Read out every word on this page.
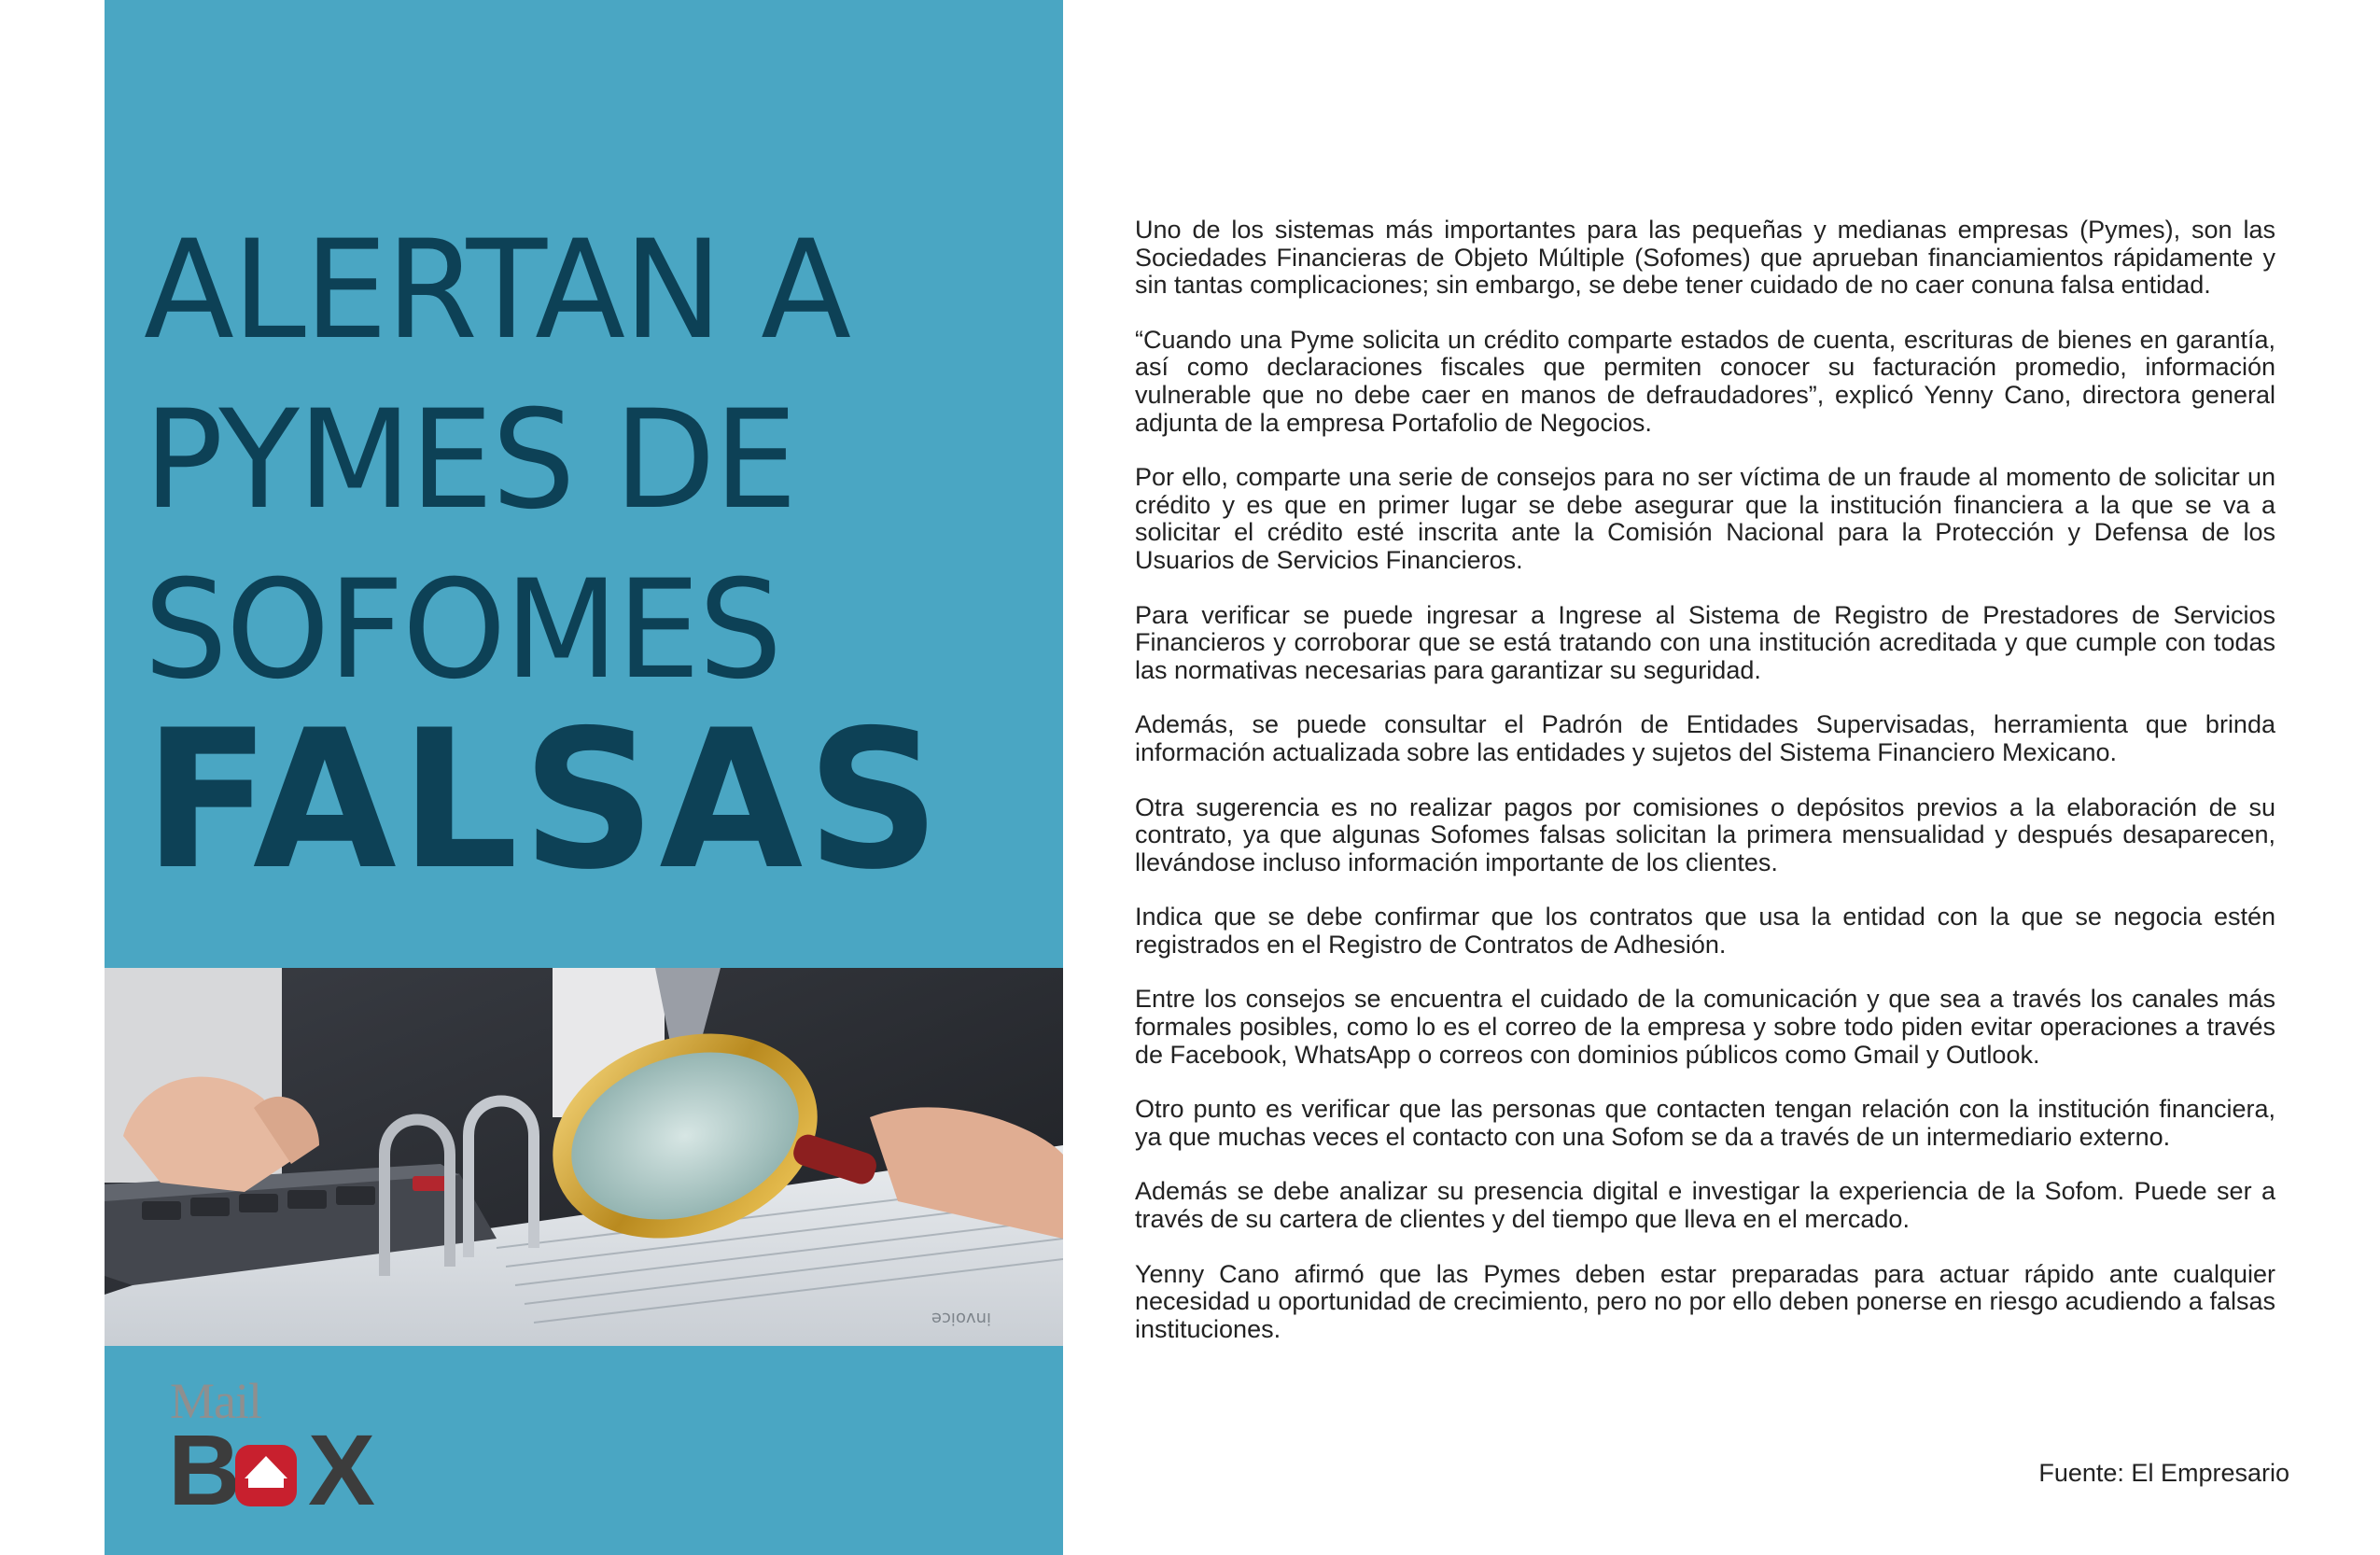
ALERTAN A
PYMES DE
SOFOMES
FALSAS
invoice
Mail
B X

Uno de los sistemas más importantes para las pequeñas y medianas empresas (Pymes), son las Sociedades Financieras de Objeto Múltiple (Sofomes) que aprueban financiamientos rápidamente y sin tantas complicaciones; sin embargo, se debe tener cuidado de no caer conuna falsa entidad.

“Cuando una Pyme solicita un crédito comparte estados de cuenta, escrituras de bienes en garantía, así como declaraciones fiscales que permiten conocer su facturación promedio, información vulnerable que no debe caer en manos de defraudadores”, explicó Yenny Cano, directora general adjunta de la empresa Portafolio de Negocios.

Por ello, comparte una serie de consejos para no ser víctima de un fraude al momento de solicitar un crédito y es que en primer lugar se debe asegurar que la institución financiera a la que se va a solicitar el crédito esté inscrita ante la Comisión Nacional para la Protección y Defensa de los Usuarios de Servicios Financieros.

Para verificar se puede ingresar a Ingrese al Sistema de Registro de Prestadores de Servicios Financieros y corroborar que se está tratando con una institución acreditada y que cumple con todas las normativas necesarias para garantizar su seguridad.

Además, se puede consultar el Padrón de Entidades Supervisadas, herramienta que brinda información actualizada sobre las entidades y sujetos del Sistema Financiero Mexicano.

Otra sugerencia es no realizar pagos por comisiones o depósitos previos a la elaboración de su contrato, ya que algunas Sofomes falsas solicitan la primera mensualidad y después desaparecen, llevándose incluso información importante de los clientes.

Indica que se debe confirmar que los contratos que usa la entidad con la que se negocia estén registrados en el Registro de Contratos de Adhesión.

Entre los consejos se encuentra el cuidado de la comunicación y que sea a través los canales más formales posibles, como lo es el correo de la empresa y sobre todo piden evitar operaciones a través de Facebook, WhatsApp o correos con dominios públicos como Gmail y Outlook.

Otro punto es verificar que las personas que contacten tengan relación con la institución financiera, ya que muchas veces el contacto con una Sofom se da a través de un intermediario externo.

Además se debe analizar su presencia digital e investigar la experiencia de la Sofom. Puede ser a través de su cartera de clientes y del tiempo que lleva en el mercado.

Yenny Cano afirmó que las Pymes deben estar preparadas para actuar rápido ante cualquier necesidad u oportunidad de crecimiento, pero no por ello deben ponerse en riesgo acudiendo a falsas instituciones.

Fuente: El Empresario
